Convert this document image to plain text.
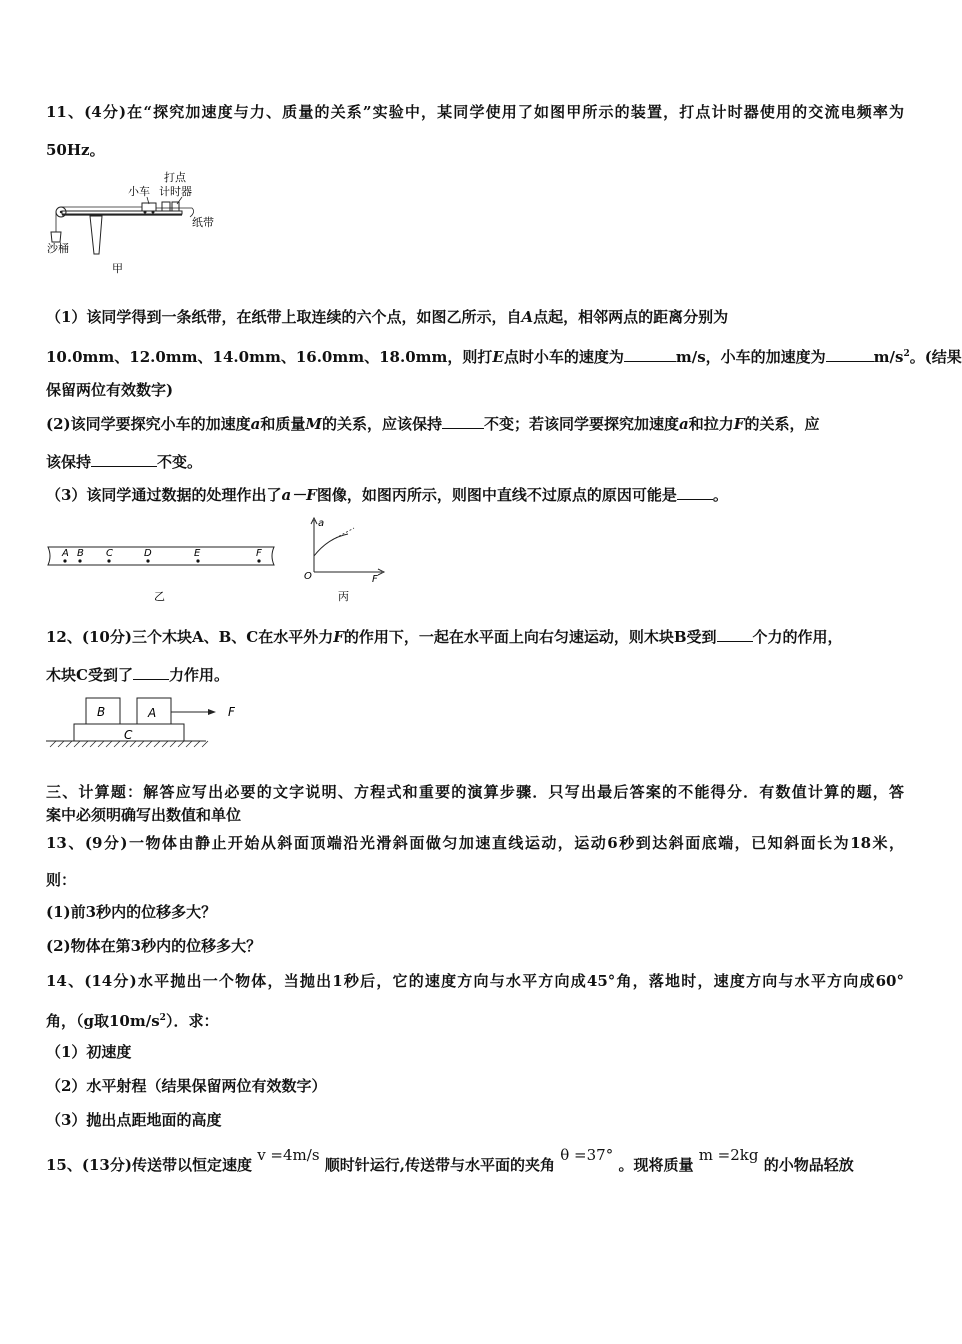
11、(4分)在“探究加速度与力、质量的关系”实验中，某同学使用了如图甲所示的装置，打点计时器使用的交流电频率为
50Hz。
打点
小车 计时器
纸带
沙桶
甲
（1）该同学得到一条纸带，在纸带上取连续的六个点，如图乙所示，自A点起，相邻两点的距离分别为
10.0mm、12.0mm、14.0mm、16.0mm、18.0mm，则打E点时小车的速度为	m/s，小车的加速度为	$m/s^2$。(结果
保留两位有效数字)
(2)该同学要探究小车的加速度a和质量M的关系，应该保持	不变；若该同学要探究加速度a和拉力F的关系，应
该保持	不变。
（3）该同学通过数据的处理作出了a－F图像，如图丙所示，则图中直线不过原点的原因可能是 。
A B C	D	E	F
乙
a
O	F
丙
12、(10分)三个木块A、B、C在水平外力F的作用下，一起在水平面上向右匀速运动，则木块B受到 个力的作用，
木块C受到了 力作用。
B	A
C
F
三、计算题：解答应写出必要的文字说明、方程式和重要的演算步骤．只写出最后答案的不能得分．有数值计算的题，答
案中必须明确写出数值和单位
13、(9分)一物体由静止开始从斜面顶端沿光滑斜面做匀加速直线运动，运动6秒到达斜面底端，已知斜面长为18米，
则：
(1)前3秒内的位移多大？
(2)物体在第3秒内的位移多大？
14、(14分)水平抛出一个物体，当抛出1秒后，它的速度方向与水平方向成45°角，落地时，速度方向与水平方向成60°
角，（g取$10m/s^2$）．求：
（1）初速度
（2）水平射程（结果保留两位有效数字）
（3）抛出点距地面的高度
15、(13分)传送带以恒定速度 v =4m/s 顺时针运行,传送带与水平面的夹角 θ =37° 。现将质量 m =2kg 的小物品轻放
